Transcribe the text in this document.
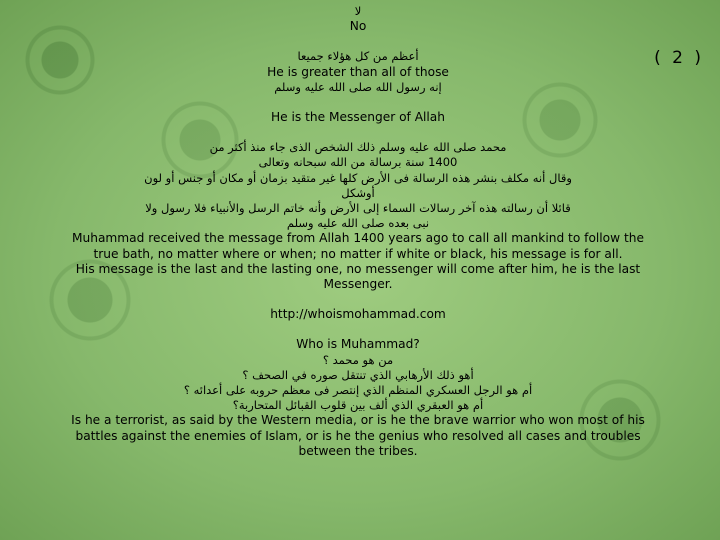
( 2 )
لا
No
أعظم من كل هؤلاء جميعا
He is greater than all of those
إنه رسول الله صلى الله عليه وسلم
He is the Messenger of Allah
محمد صلى الله عليه وسلم ذلك الشخص الذى جاء منذ أكثر من
1400 سنة برسالة من الله سبحانه وتعالى
وقال أنه مكلف بنشر هذه الرسالة فى الأرض كلها غير متقيد بزمان أو مكان أو جنس أو لون
أوشكل
قائلا أن رسالته هذه آخر رسالات السماء إلى الأرض وأنه خاتم الرسل والأنبياء فلا رسول ولا
نبى بعده صلى الله عليه وسلم
Muhammad received the message from Allah 1400 years ago to call all mankind to follow the true bath, no matter where or when; no matter if white or black, his message is for all.
His message is the last and the lasting one, no messenger will come after him, he is the last Messenger.
http://whoismohammad.com
Who is Muhammad?
من هو محمد ؟
أهو ذلك الأرهابي الذي تنتقل صوره في الصحف ؟
أم هو الرجل العسكري المنظم الذي إنتصر فى معظم حروبه على أعدائه ؟
أم هو العبقري الذي ألف بين قلوب القبائل المتحاربة؟
Is he a terrorist, as said by the Western media, or is he the brave warrior who won most of his battles against the enemies of Islam, or is he the genius who resolved all cases and troubles between the tribes.
